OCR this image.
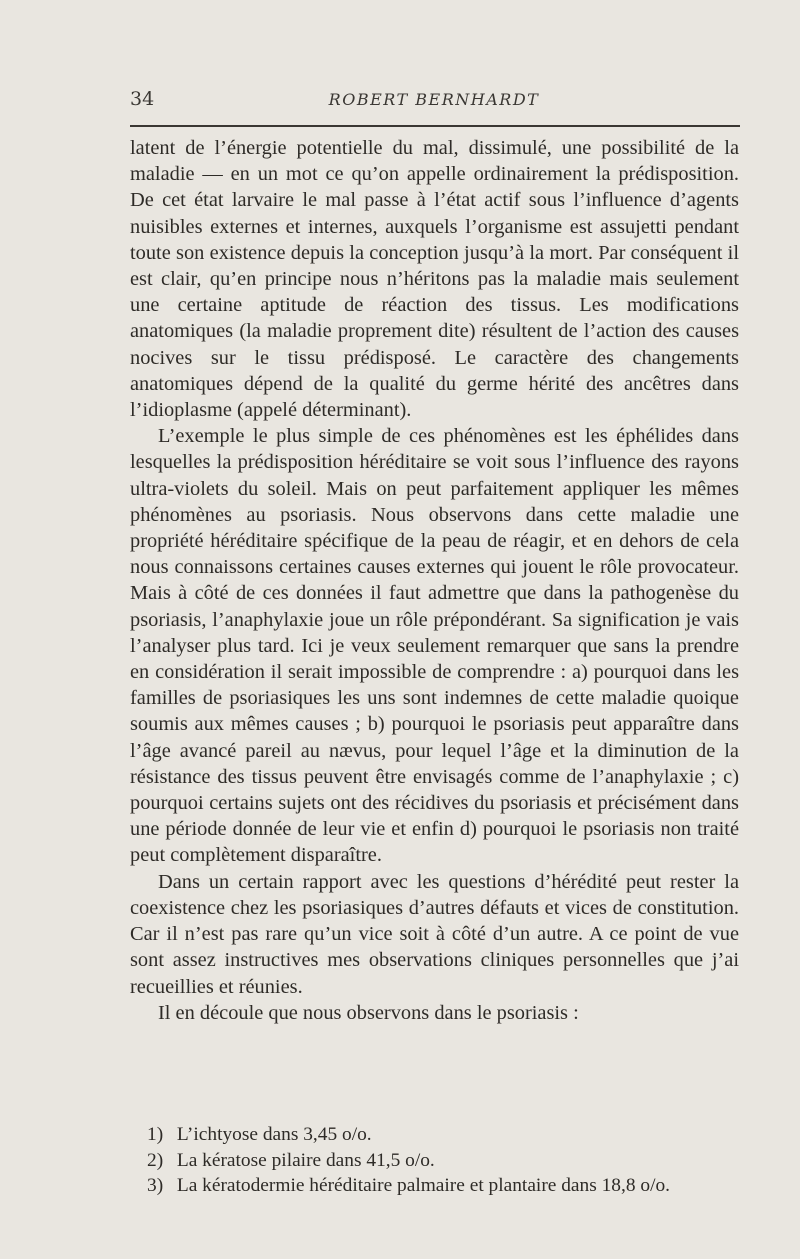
34	ROBERT BERNHARDT

latent de l’énergie potentielle du mal, dissimulé, une possibilité de la maladie — en un mot ce qu’on appelle ordinairement la prédisposition. De cet état larvaire le mal passe à l’état actif sous l’influence d’agents nuisibles externes et internes, auxquels l’organisme est assujetti pendant toute son existence depuis la conception jusqu’à la mort. Par conséquent il est clair, qu’en principe nous n’héritons pas la maladie mais seulement une certaine aptitude de réaction des tissus. Les modifications anatomiques (la maladie proprement dite) résultent de l’action des causes nocives sur le tissu prédisposé. Le caractère des changements anatomiques dépend de la qualité du germe hérité des ancêtres dans l’idioplasme (appelé déterminant).

L’exemple le plus simple de ces phénomènes est les éphélides dans lesquelles la prédisposition héréditaire se voit sous l’influence des rayons ultra-violets du soleil. Mais on peut parfaitement appliquer les mêmes phénomènes au psoriasis. Nous observons dans cette maladie une propriété héréditaire spécifique de la peau de réagir, et en dehors de cela nous connaissons certaines causes externes qui jouent le rôle provocateur. Mais à côté de ces données il faut admettre que dans la pathogenèse du psoriasis, l’anaphylaxie joue un rôle prépondérant. Sa signification je vais l’analyser plus tard. Ici je veux seulement remarquer que sans la prendre en considération il serait impossible de comprendre : a) pourquoi dans les familles de psoriasiques les uns sont indemnes de cette maladie quoique soumis aux mêmes causes ; b) pourquoi le psoriasis peut apparaître dans l’âge avancé pareil au nævus, pour lequel l’âge et la diminution de la résistance des tissus peuvent être envisagés comme de l’anaphylaxie ; c) pourquoi certains sujets ont des récidives du psoriasis et précisément dans une période donnée de leur vie et enfin d) pourquoi le psoriasis non traité peut complètement disparaître.

Dans un certain rapport avec les questions d’hérédité peut rester la coexistence chez les psoriasiques d’autres défauts et vices de constitution. Car il n’est pas rare qu’un vice soit à côté d’un autre. A ce point de vue sont assez instructives mes observations cliniques personnelles que j’ai recueillies et réunies.

Il en découle que nous observons dans le psoriasis :

1) L’ichtyose dans 3,45 o/o.
2) La kératose pilaire dans 41,5 o/o.
3) La kératodermie héréditaire palmaire et plantaire dans 18,8 o/o.
